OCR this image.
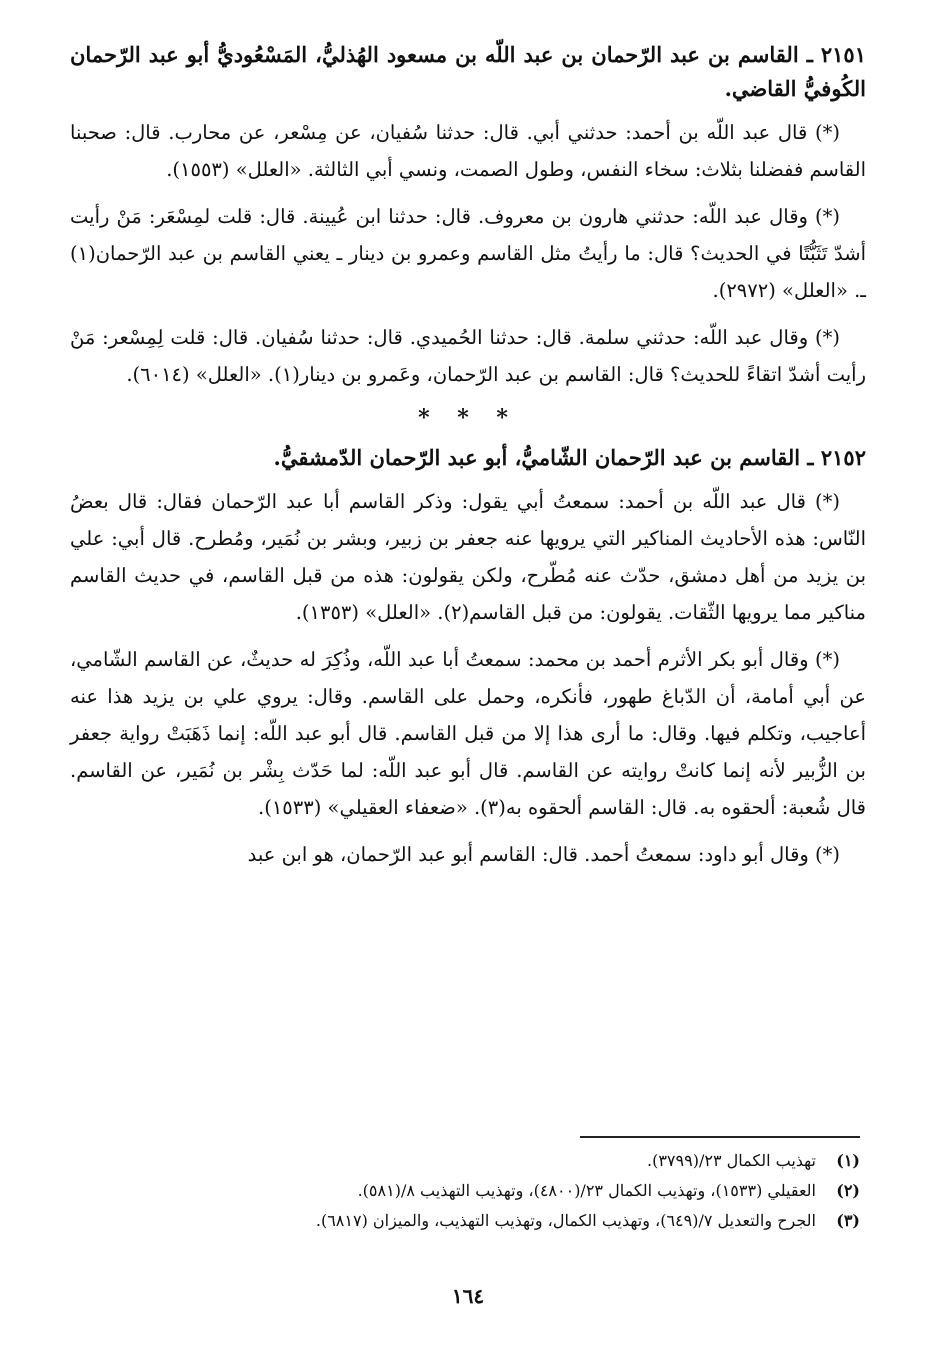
٢١٥١ ـ القاسم بن عبد الرّحمان بن عبد اللّه بن مسعود الهُذليُّ، المَسْعُوديُّ أبو عبد الرّحمان الكُوفيُّ القاضي.

(*) قال عبد اللّه بن أحمد: حدثني أبي. قال: حدثنا سُفيان، عن مِسْعر، عن محارب. قال: صحبنا القاسم ففضلنا بثلاث: سخاء النفس، وطول الصمت، ونسي أبي الثالثة. «العلل» (١٥٥٣).

(*) وقال عبد اللّه: حدثني هارون بن معروف. قال: حدثنا ابن عُيينة. قال: قلت لمِسْعَر: مَنْ رأيت أشدّ تَثَبُّتًا في الحديث؟ قال: ما رأيتُ مثل القاسم وعمرو بن دينار ـ يعني القاسم بن عبد الرّحمان(١) ـ. «العلل» (٢٩٧٢).

(*) وقال عبد اللّه: حدثني سلمة. قال: حدثنا الحُميدي. قال: حدثنا سُفيان. قال: قلت لِمِسْعر: مَنْ رأيت أشدّ اتقاءً للحديث؟ قال: القاسم بن عبد الرّحمان، وعَمرو بن دينار(١). «العلل» (٦٠١٤).

* * *
٢١٥٢ ـ القاسم بن عبد الرّحمان الشّاميُّ، أبو عبد الرّحمان الدّمشقيُّ.

(*) قال عبد اللّه بن أحمد: سمعتُ أبي يقول: وذكر القاسم أبا عبد الرّحمان فقال: قال بعضُ النّاس: هذه الأحاديث المناكير التي يرويها عنه جعفر بن زبير، وبشر بن نُمَير، ومُطرح. قال أبي: علي بن يزيد من أهل دمشق، حدّث عنه مُطّرح، ولكن يقولون: هذه من قبل القاسم، في حديث القاسم مناكير مما يرويها الثّقات. يقولون: من قبل القاسم(٢). «العلل» (١٣٥٣).

(*) وقال أبو بكر الأثرم أحمد بن محمد: سمعتُ أبا عبد اللّه، وذُكِرَ له حديثٌ، عن القاسم الشّامي، عن أبي أمامة، أن الدّباغ طهور، فأنكره، وحمل على القاسم. وقال: يروي علي بن يزيد هذا عنه أعاجيب، وتكلم فيها. وقال: ما أرى هذا إلا من قبل القاسم. قال أبو عبد اللّه: إنما ذَهَبَتْ رواية جعفر بن الزُّبير لأنه إنما كانتْ روايته عن القاسم. قال أبو عبد اللّه: لما حَدّث بِشْر بن نُمَير، عن القاسم. قال شُعبة: ألحقوه به. قال: القاسم ألحقوه به(٣). «ضعفاء العقيلي» (١٥٣٣).

(*) وقال أبو داود: سمعتُ أحمد. قال: القاسم أبو عبد الرّحمان، هو ابن عبد

(١)
تهذيب الكمال ٢٣/(٣٧٩٩).
(٢)
العقيلي (١٥٣٣)، وتهذيب الكمال ٢٣/(٤٨٠٠)، وتهذيب التهذيب ٨/(٥٨١).
(٣)
الجرح والتعديل ٧/(٦٤٩)، وتهذيب الكمال، وتهذيب التهذيب، والميزان (٦٨١٧).
١٦٤
